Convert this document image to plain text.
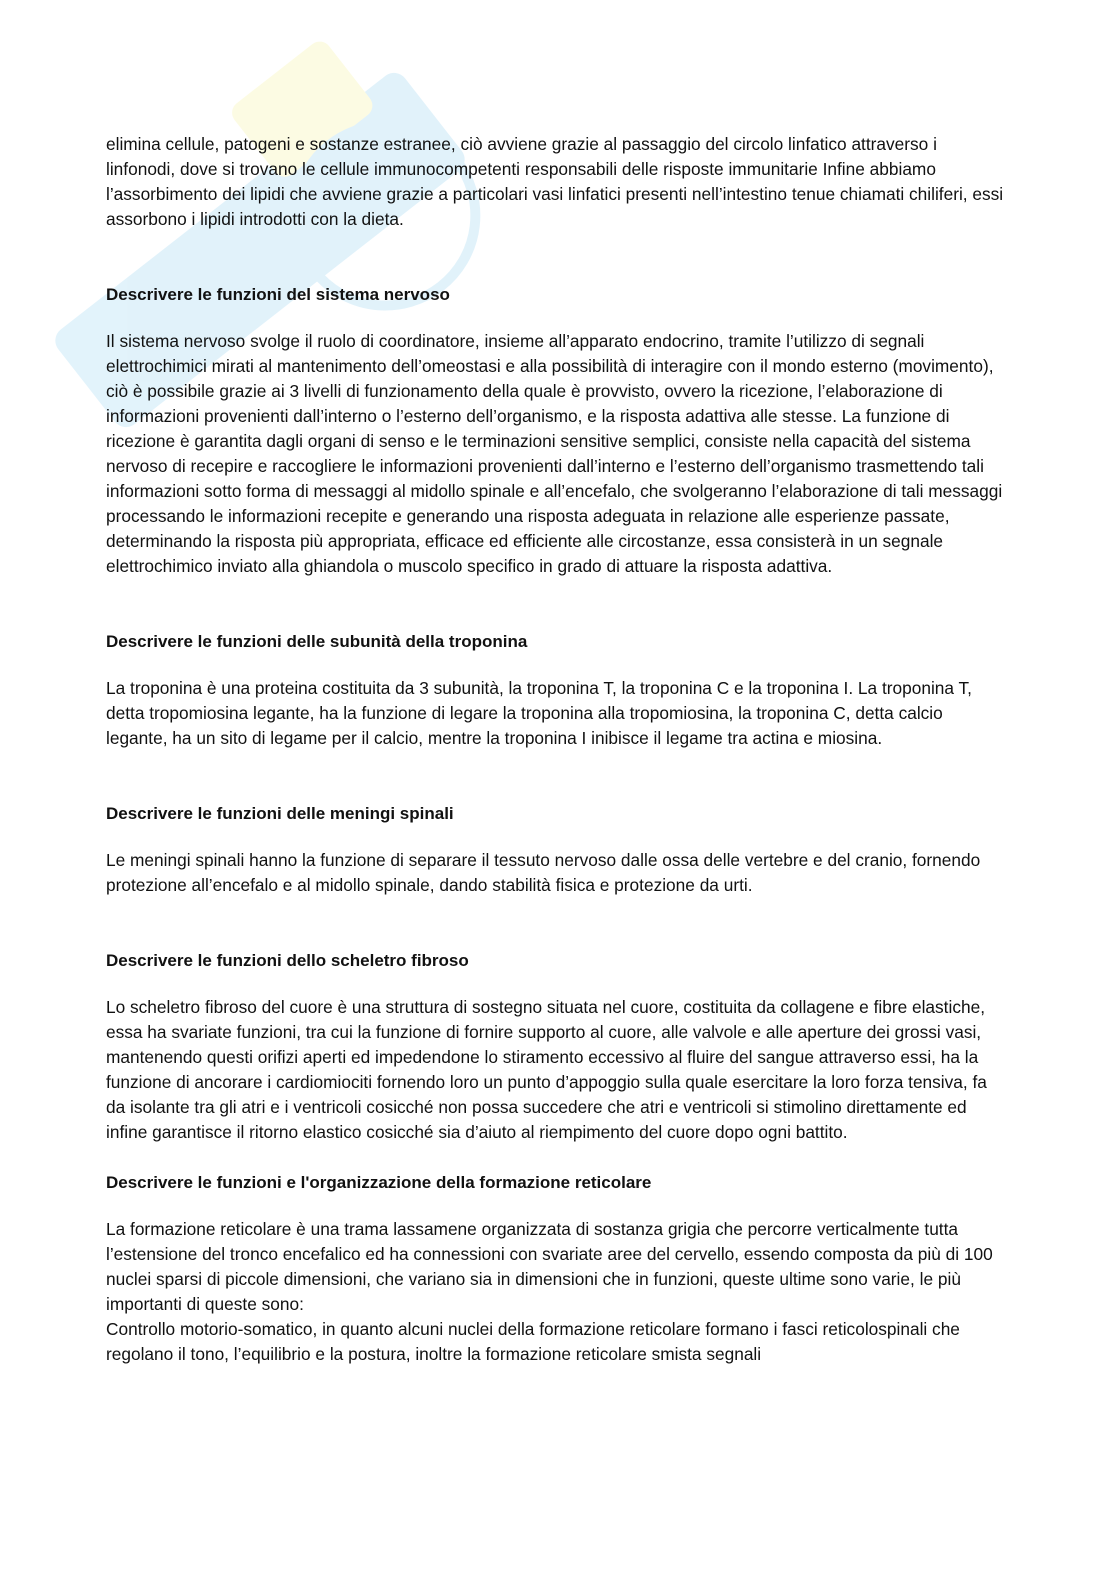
elimina cellule, patogeni e sostanze estranee, ciò avviene grazie al passaggio del circolo linfatico attraverso i linfonodi, dove si trovano le cellule immunocompetenti responsabili delle risposte immunitarie Infine abbiamo l’assorbimento dei lipidi che avviene grazie a particolari vasi linfatici presenti nell’intestino tenue chiamati chiliferi, essi assorbono i lipidi introdotti con la dieta.

Descrivere le funzioni del sistema nervoso

Il sistema nervoso svolge il ruolo di coordinatore, insieme all’apparato endocrino, tramite l’utilizzo di segnali elettrochimici mirati al mantenimento dell’omeostasi e alla possibilità di interagire con il mondo esterno (movimento), ciò è possibile grazie ai 3 livelli di funzionamento della quale è provvisto, ovvero la ricezione, l’elaborazione di informazioni provenienti dall’interno o l’esterno dell’organismo, e la risposta adattiva alle stesse. La funzione di ricezione è garantita dagli organi di senso e le terminazioni sensitive semplici, consiste nella capacità del sistema nervoso di recepire e raccogliere le informazioni provenienti dall’interno e l’esterno dell’organismo trasmettendo tali informazioni sotto forma di messaggi al midollo spinale e all’encefalo, che svolgeranno l’elaborazione di tali messaggi processando le informazioni recepite e generando una risposta adeguata in relazione alle esperienze passate, determinando la risposta più appropriata, efficace ed efficiente alle circostanze, essa consisterà in un segnale elettrochimico inviato alla ghiandola o muscolo specifico in grado di attuare la risposta adattiva.

Descrivere le funzioni delle subunità della troponina

La troponina è una proteina costituita da 3 subunità, la troponina T, la troponina C e la troponina I. La troponina T, detta tropomiosina legante, ha la funzione di legare la troponina alla tropomiosina, la troponina C, detta calcio legante, ha un sito di legame per il calcio, mentre la troponina I inibisce il legame tra actina e miosina.

Descrivere le funzioni delle meningi spinali

Le meningi spinali hanno la funzione di separare il tessuto nervoso dalle ossa delle vertebre e del cranio, fornendo protezione all’encefalo e al midollo spinale, dando stabilità fisica e protezione da urti.

Descrivere le funzioni dello scheletro fibroso

Lo scheletro fibroso del cuore è una struttura di sostegno situata nel cuore, costituita da collagene e fibre elastiche, essa ha svariate funzioni, tra cui la funzione di fornire supporto al cuore, alle valvole e alle aperture dei grossi vasi, mantenendo questi orifizi aperti ed impedendone lo stiramento eccessivo al fluire del sangue attraverso essi, ha la funzione di ancorare i cardiomiociti fornendo loro un punto d’appoggio sulla quale esercitare la loro forza tensiva, fa da isolante tra gli atri e i ventricoli cosicché non possa succedere che atri e ventricoli si stimolino direttamente ed infine garantisce il ritorno elastico cosicché sia d’aiuto al riempimento del cuore dopo ogni battito.

Descrivere le funzioni e l'organizzazione della formazione reticolare

La formazione reticolare è una trama lassamene organizzata di sostanza grigia che percorre verticalmente tutta l’estensione del tronco encefalico ed ha connessioni con svariate aree del cervello, essendo composta da più di 100 nuclei sparsi di piccole dimensioni, che variano sia in dimensioni che in funzioni, queste ultime sono varie, le più importanti di queste sono:

Controllo motorio-somatico, in quanto alcuni nuclei della formazione reticolare formano i fasci reticolospinali che regolano il tono, l’equilibrio e la postura, inoltre la formazione reticolare smista segnali
